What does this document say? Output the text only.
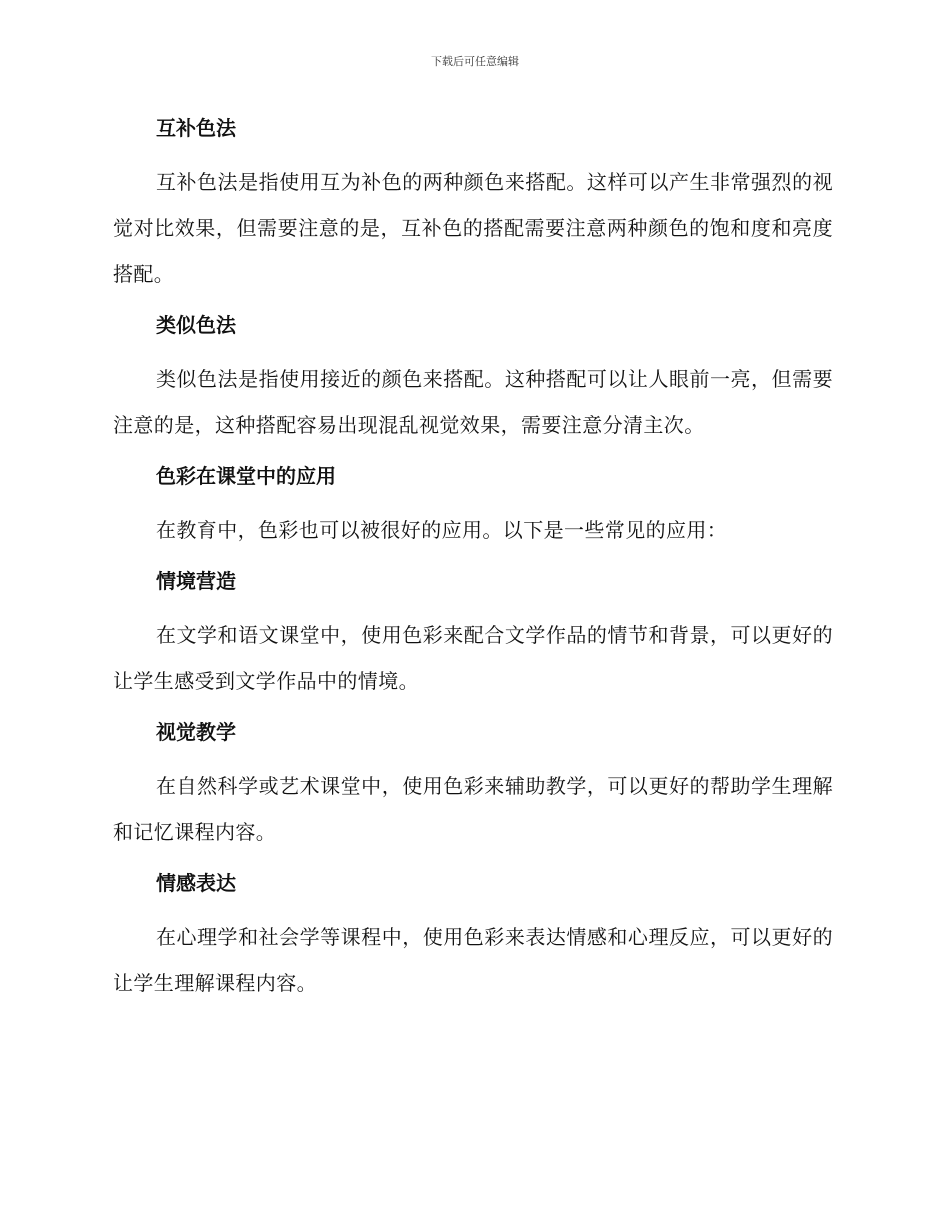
下载后可任意编辑
互补色法

互补色法是指使用互为补色的两种颜色来搭配。这样可以产生非常强烈的视觉对比效果，但需要注意的是，互补色的搭配需要注意两种颜色的饱和度和亮度搭配。

类似色法

类似色法是指使用接近的颜色来搭配。这种搭配可以让人眼前一亮，但需要注意的是，这种搭配容易出现混乱视觉效果，需要注意分清主次。

色彩在课堂中的应用

在教育中，色彩也可以被很好的应用。以下是一些常见的应用：

情境营造

在文学和语文课堂中，使用色彩来配合文学作品的情节和背景，可以更好的让学生感受到文学作品中的情境。

视觉教学

在自然科学或艺术课堂中，使用色彩来辅助教学，可以更好的帮助学生理解和记忆课程内容。

情感表达

在心理学和社会学等课程中，使用色彩来表达情感和心理反应，可以更好的让学生理解课程内容。
